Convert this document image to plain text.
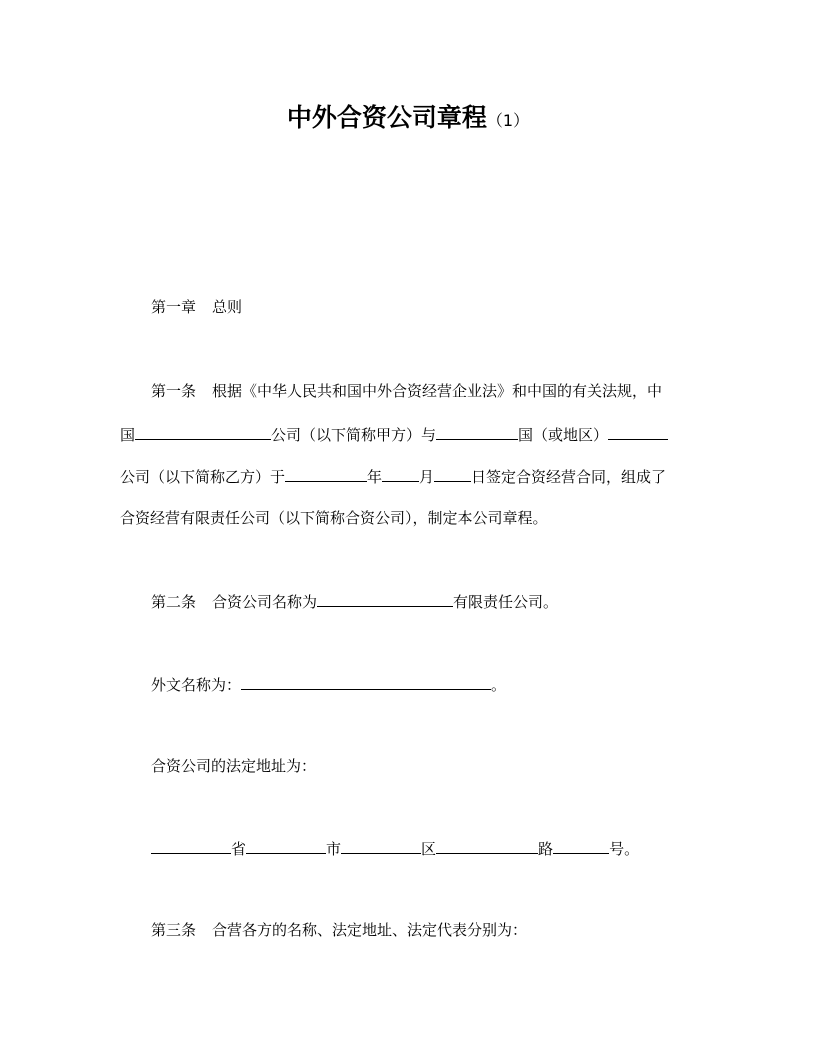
中外合资公司章程（1）
第一章 总则
第一条 根据《中华人民共和国中外合资经营企业法》和中国的有关法规，中
国	公司（以下简称甲方）与	国（或地区）
公司（以下简称乙方）于	年 月 日签定合资经营合同，组成了
合资经营有限责任公司（以下简称合资公司），制定本公司章程。
第二条 合资公司名称为	有限责任公司。
外文名称为：	。
合资公司的法定地址为：
省	市	区	路	号。
第三条 合营各方的名称、法定地址、法定代表分别为：
